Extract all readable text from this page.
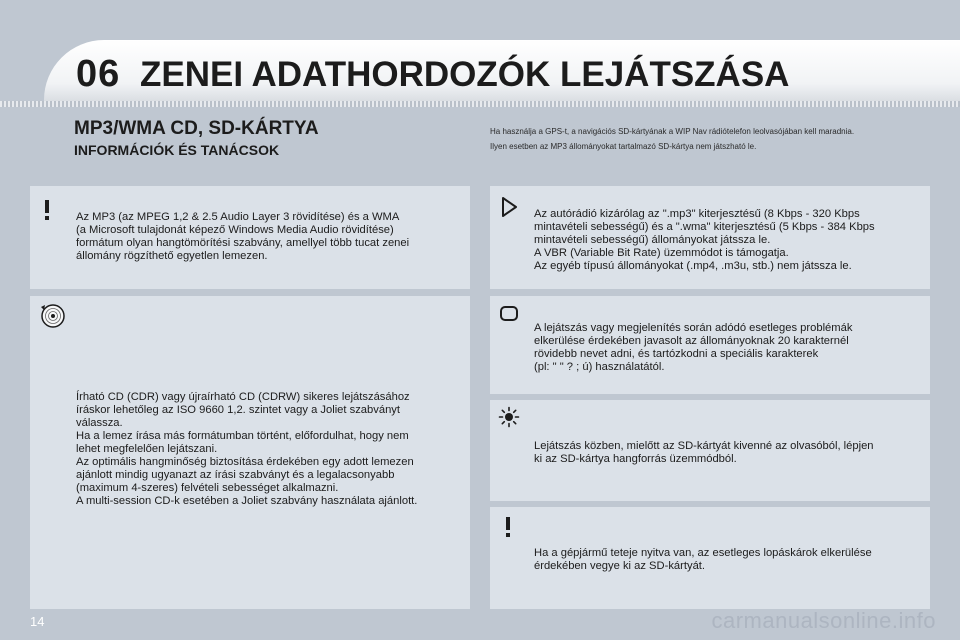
06 ZENEI ADATHORDOZÓK LEJÁTSZÁSA
MP3/WMA CD, SD-KÁRTYA
INFORMÁCIÓK ÉS TANÁCSOK
Ha használja a GPS-t, a navigációs SD-kártyának a WIP Nav rádiótelefon leolvasójában kell maradnia.
Ilyen esetben az MP3 állományokat tartalmazó SD-kártya nem játszható le.
Az MP3 (az MPEG 1,2 & 2.5 Audio Layer 3 rövidítése) és a WMA
(a Microsoft tulajdonát képező Windows Media Audio rövidítése)
formátum olyan hangtömörítési szabvány, amellyel több tucat zenei
állomány rögzíthető egyetlen lemezen.
Írható CD (CDR) vagy újraírható CD (CDRW) sikeres lejátszásához
íráskor lehetőleg az ISO 9660 1,2. szintet vagy a Joliet szabványt
válassza.
Ha a lemez írása más formátumban történt, előfordulhat, hogy nem
lehet megfelelően lejátszani.
Az optimális hangminőség biztosítása érdekében egy adott lemezen
ajánlott mindig ugyanazt az írási szabványt és a legalacsonyabb
(maximum 4-szeres) felvételi sebességet alkalmazni.
A multi-session CD-k esetében a Joliet szabvány használata ajánlott.
Az autórádió kizárólag az ".mp3" kiterjesztésű (8 Kbps - 320 Kbps
mintavételi sebességű) és a ".wma" kiterjesztésű (5 Kbps - 384 Kbps
mintavételi sebességű) állományokat játssza le.
A VBR (Variable Bit Rate) üzemmódot is támogatja.
Az egyéb típusú állományokat (.mp4, .m3u, stb.) nem játssza le.
A lejátszás vagy megjelenítés során adódó esetleges problémák
elkerülése érdekében javasolt az állományoknak 20 karakternél
rövidebb nevet adni, és tartózkodni a speciális karakterek
(pl: " " ? ; ú) használatától.
Lejátszás közben, mielőtt az SD-kártyát kivenné az olvasóból, lépjen
ki az SD-kártya hangforrás üzemmódból.
Ha a gépjármű teteje nyitva van, az esetleges lopáskárok elkerülése
érdekében vegye ki az SD-kártyát.
14	carmanualsonline.info
